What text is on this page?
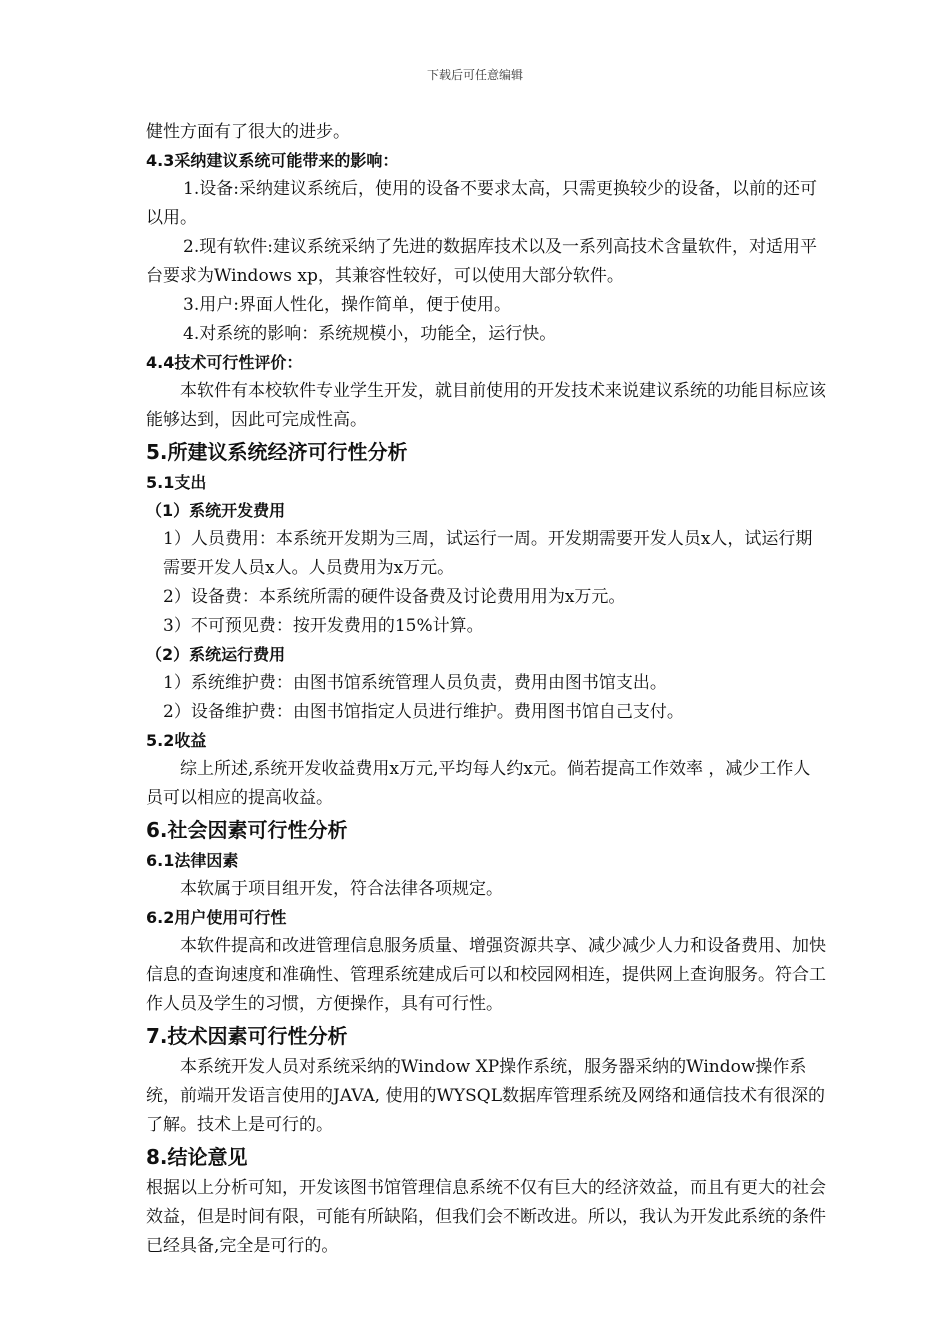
下载后可任意编辑
健性方面有了很大的进步。
4.3采纳建议系统可能带来的影响：
1.设备:采纳建议系统后，使用的设备不要求太高，只需更换较少的设备，以前的还可以用。
2.现有软件:建议系统采纳了先进的数据库技术以及一系列高技术含量软件，对适用平台要求为Windows xp，其兼容性较好，可以使用大部分软件。
3.用户:界面人性化，操作简单，便于使用。
4.对系统的影响：系统规模小，功能全，运行快。
4.4技术可行性评价：
本软件有本校软件专业学生开发，就目前使用的开发技术来说建议系统的功能目标应该能够达到，因此可完成性高。
5.所建议系统经济可行性分析
5.1支出
（1）系统开发费用
1）人员费用：本系统开发期为三周，试运行一周。开发期需要开发人员x人，试运行期需要开发人员x人。人员费用为x万元。
2）设备费：本系统所需的硬件设备费及讨论费用用为x万元。
3）不可预见费：按开发费用的15%计算。
（2）系统运行费用
1）系统维护费：由图书馆系统管理人员负责，费用由图书馆支出。
2）设备维护费：由图书馆指定人员进行维护。费用图书馆自己支付。
5.2收益
综上所述,系统开发收益费用x万元,平均每人约x元。倘若提高工作效率 ，减少工作人员可以相应的提高收益。
6.社会因素可行性分析
6.1法律因素
本软属于项目组开发，符合法律各项规定。
6.2用户使用可行性
本软件提高和改进管理信息服务质量、增强资源共享、减少减少人力和设备费用、加快信息的查询速度和准确性、管理系统建成后可以和校园网相连，提供网上查询服务。符合工作人员及学生的习惯，方便操作，具有可行性。
7.技术因素可行性分析
本系统开发人员对系统采纳的Window XP操作系统，服务器采纳的Window操作系统，前端开发语言使用的JAVA, 使用的WYSQL数据库管理系统及网络和通信技术有很深的了解。技术上是可行的。
8.结论意见
根据以上分析可知，开发该图书馆管理信息系统不仅有巨大的经济效益，而且有更大的社会效益，但是时间有限，可能有所缺陷，但我们会不断改进。所以，我认为开发此系统的条件已经具备,完全是可行的。
